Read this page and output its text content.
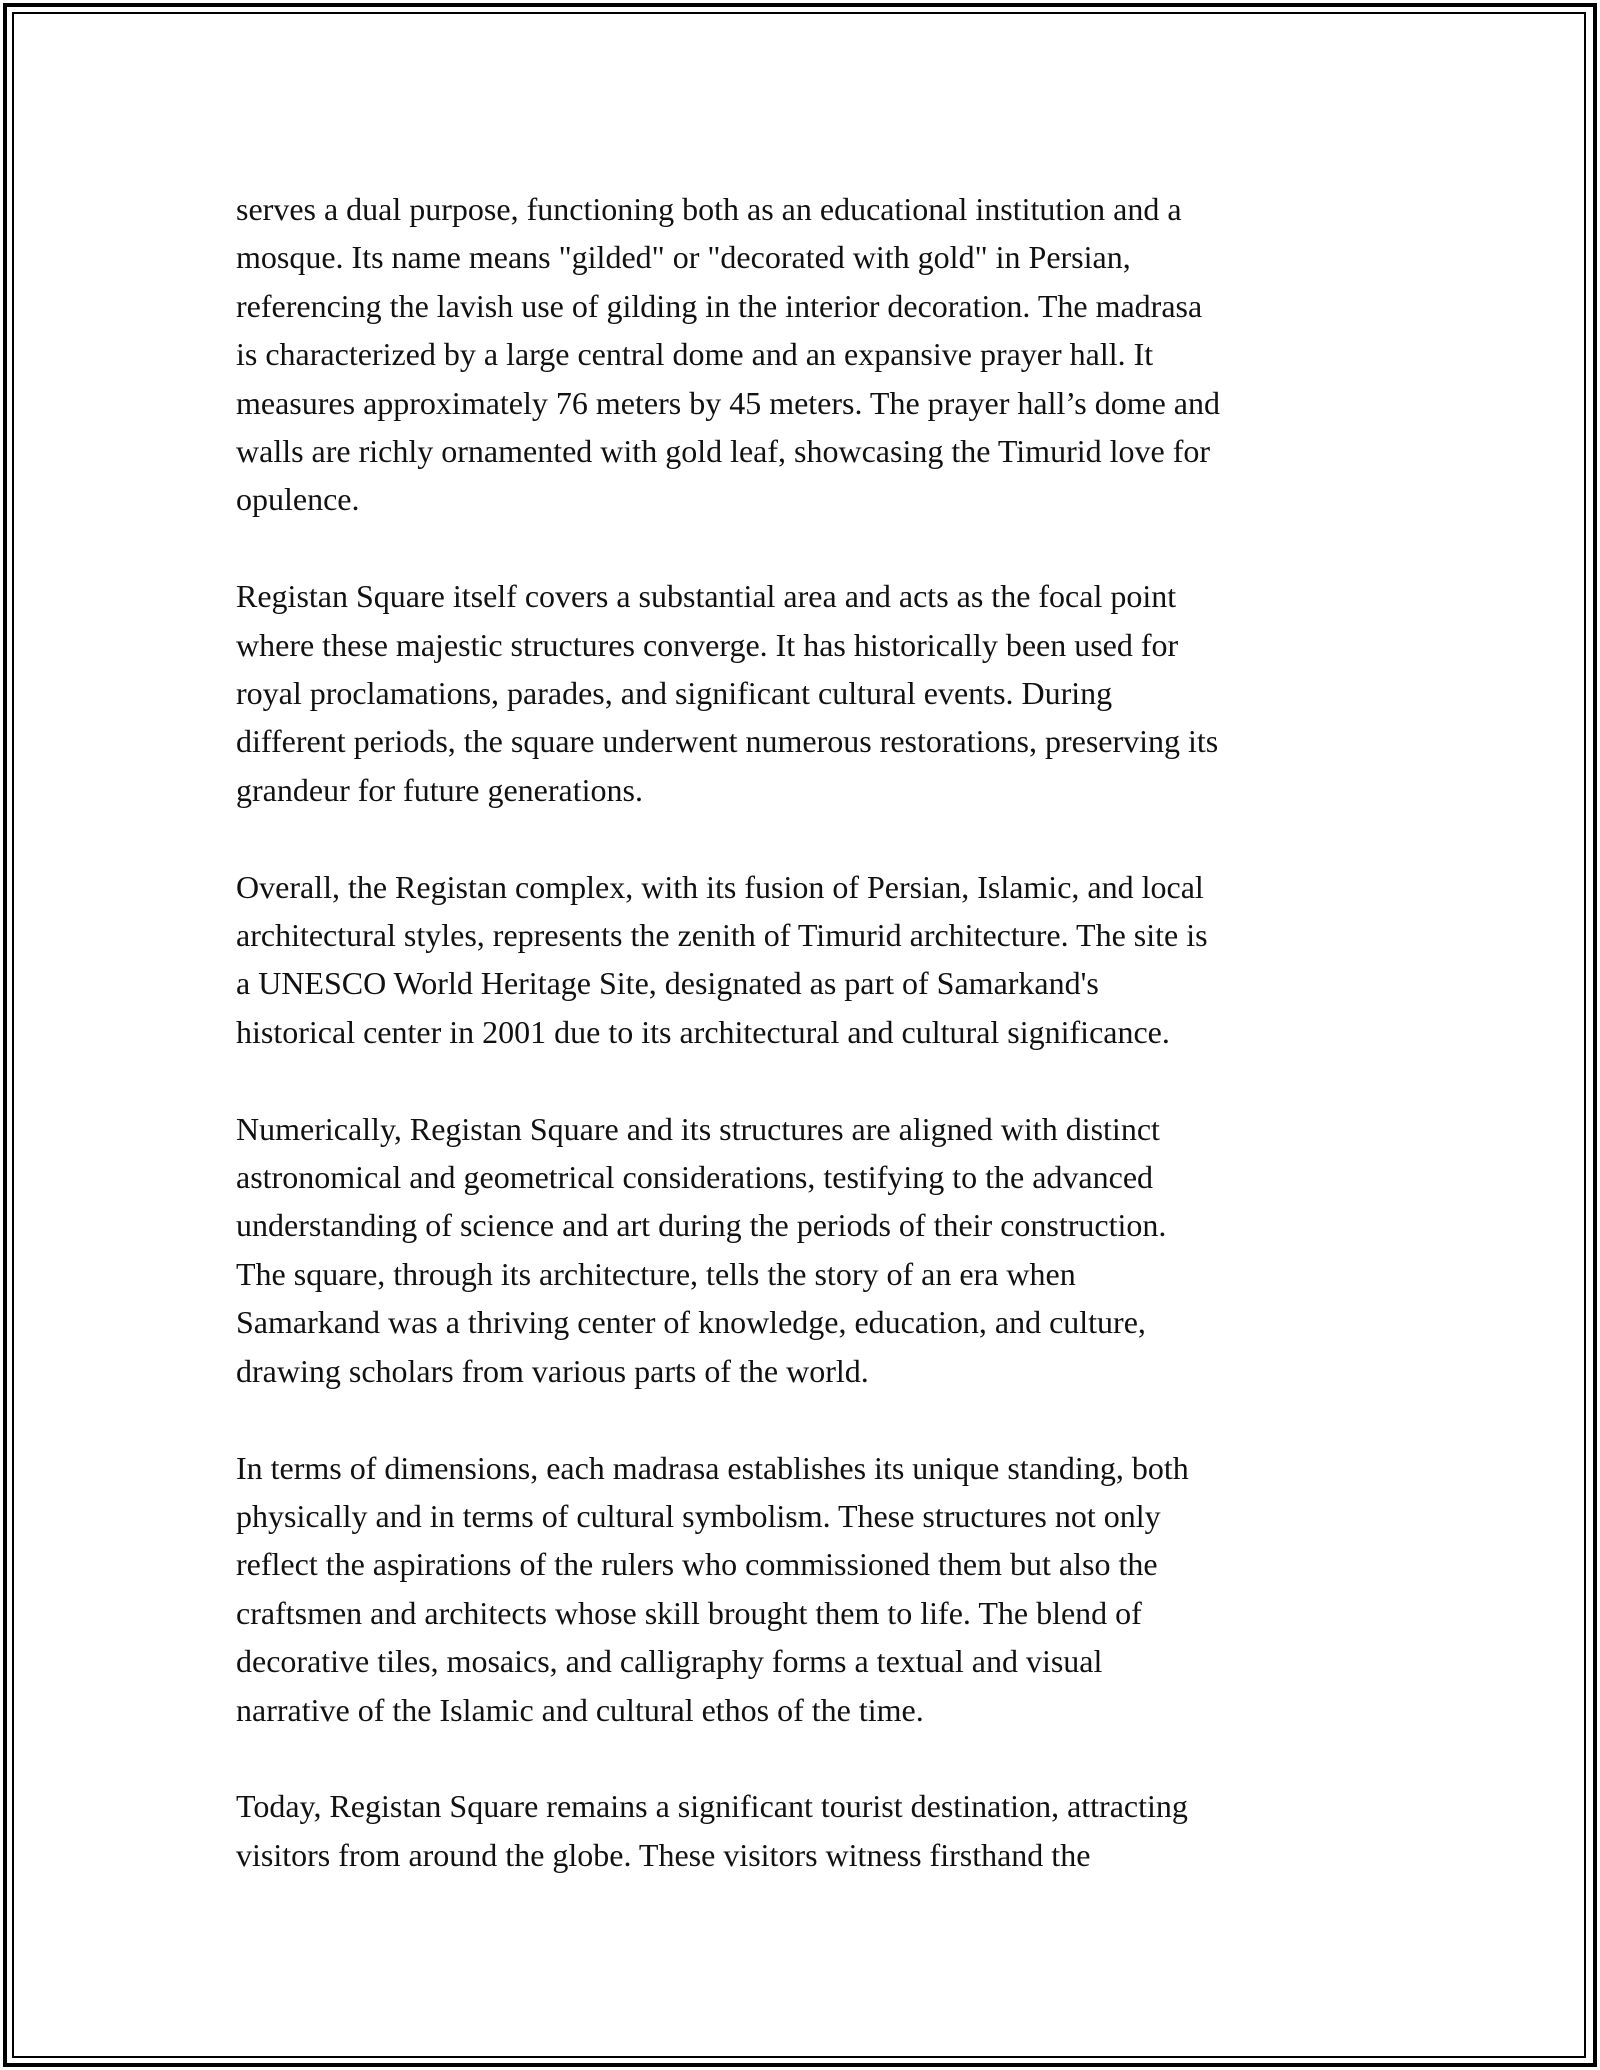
serves a dual purpose, functioning both as an educational institution and a
mosque. Its name means "gilded" or "decorated with gold" in Persian,
referencing the lavish use of gilding in the interior decoration. The madrasa
is characterized by a large central dome and an expansive prayer hall. It
measures approximately 76 meters by 45 meters. The prayer hall’s dome and
walls are richly ornamented with gold leaf, showcasing the Timurid love for
opulence.

Registan Square itself covers a substantial area and acts as the focal point
where these majestic structures converge. It has historically been used for
royal proclamations, parades, and significant cultural events. During
different periods, the square underwent numerous restorations, preserving its
grandeur for future generations.

Overall, the Registan complex, with its fusion of Persian, Islamic, and local
architectural styles, represents the zenith of Timurid architecture. The site is
a UNESCO World Heritage Site, designated as part of Samarkand's
historical center in 2001 due to its architectural and cultural significance.

Numerically, Registan Square and its structures are aligned with distinct
astronomical and geometrical considerations, testifying to the advanced
understanding of science and art during the periods of their construction.
The square, through its architecture, tells the story of an era when
Samarkand was a thriving center of knowledge, education, and culture,
drawing scholars from various parts of the world.

In terms of dimensions, each madrasa establishes its unique standing, both
physically and in terms of cultural symbolism. These structures not only
reflect the aspirations of the rulers who commissioned them but also the
craftsmen and architects whose skill brought them to life. The blend of
decorative tiles, mosaics, and calligraphy forms a textual and visual
narrative of the Islamic and cultural ethos of the time.

Today, Registan Square remains a significant tourist destination, attracting
visitors from around the globe. These visitors witness firsthand the
